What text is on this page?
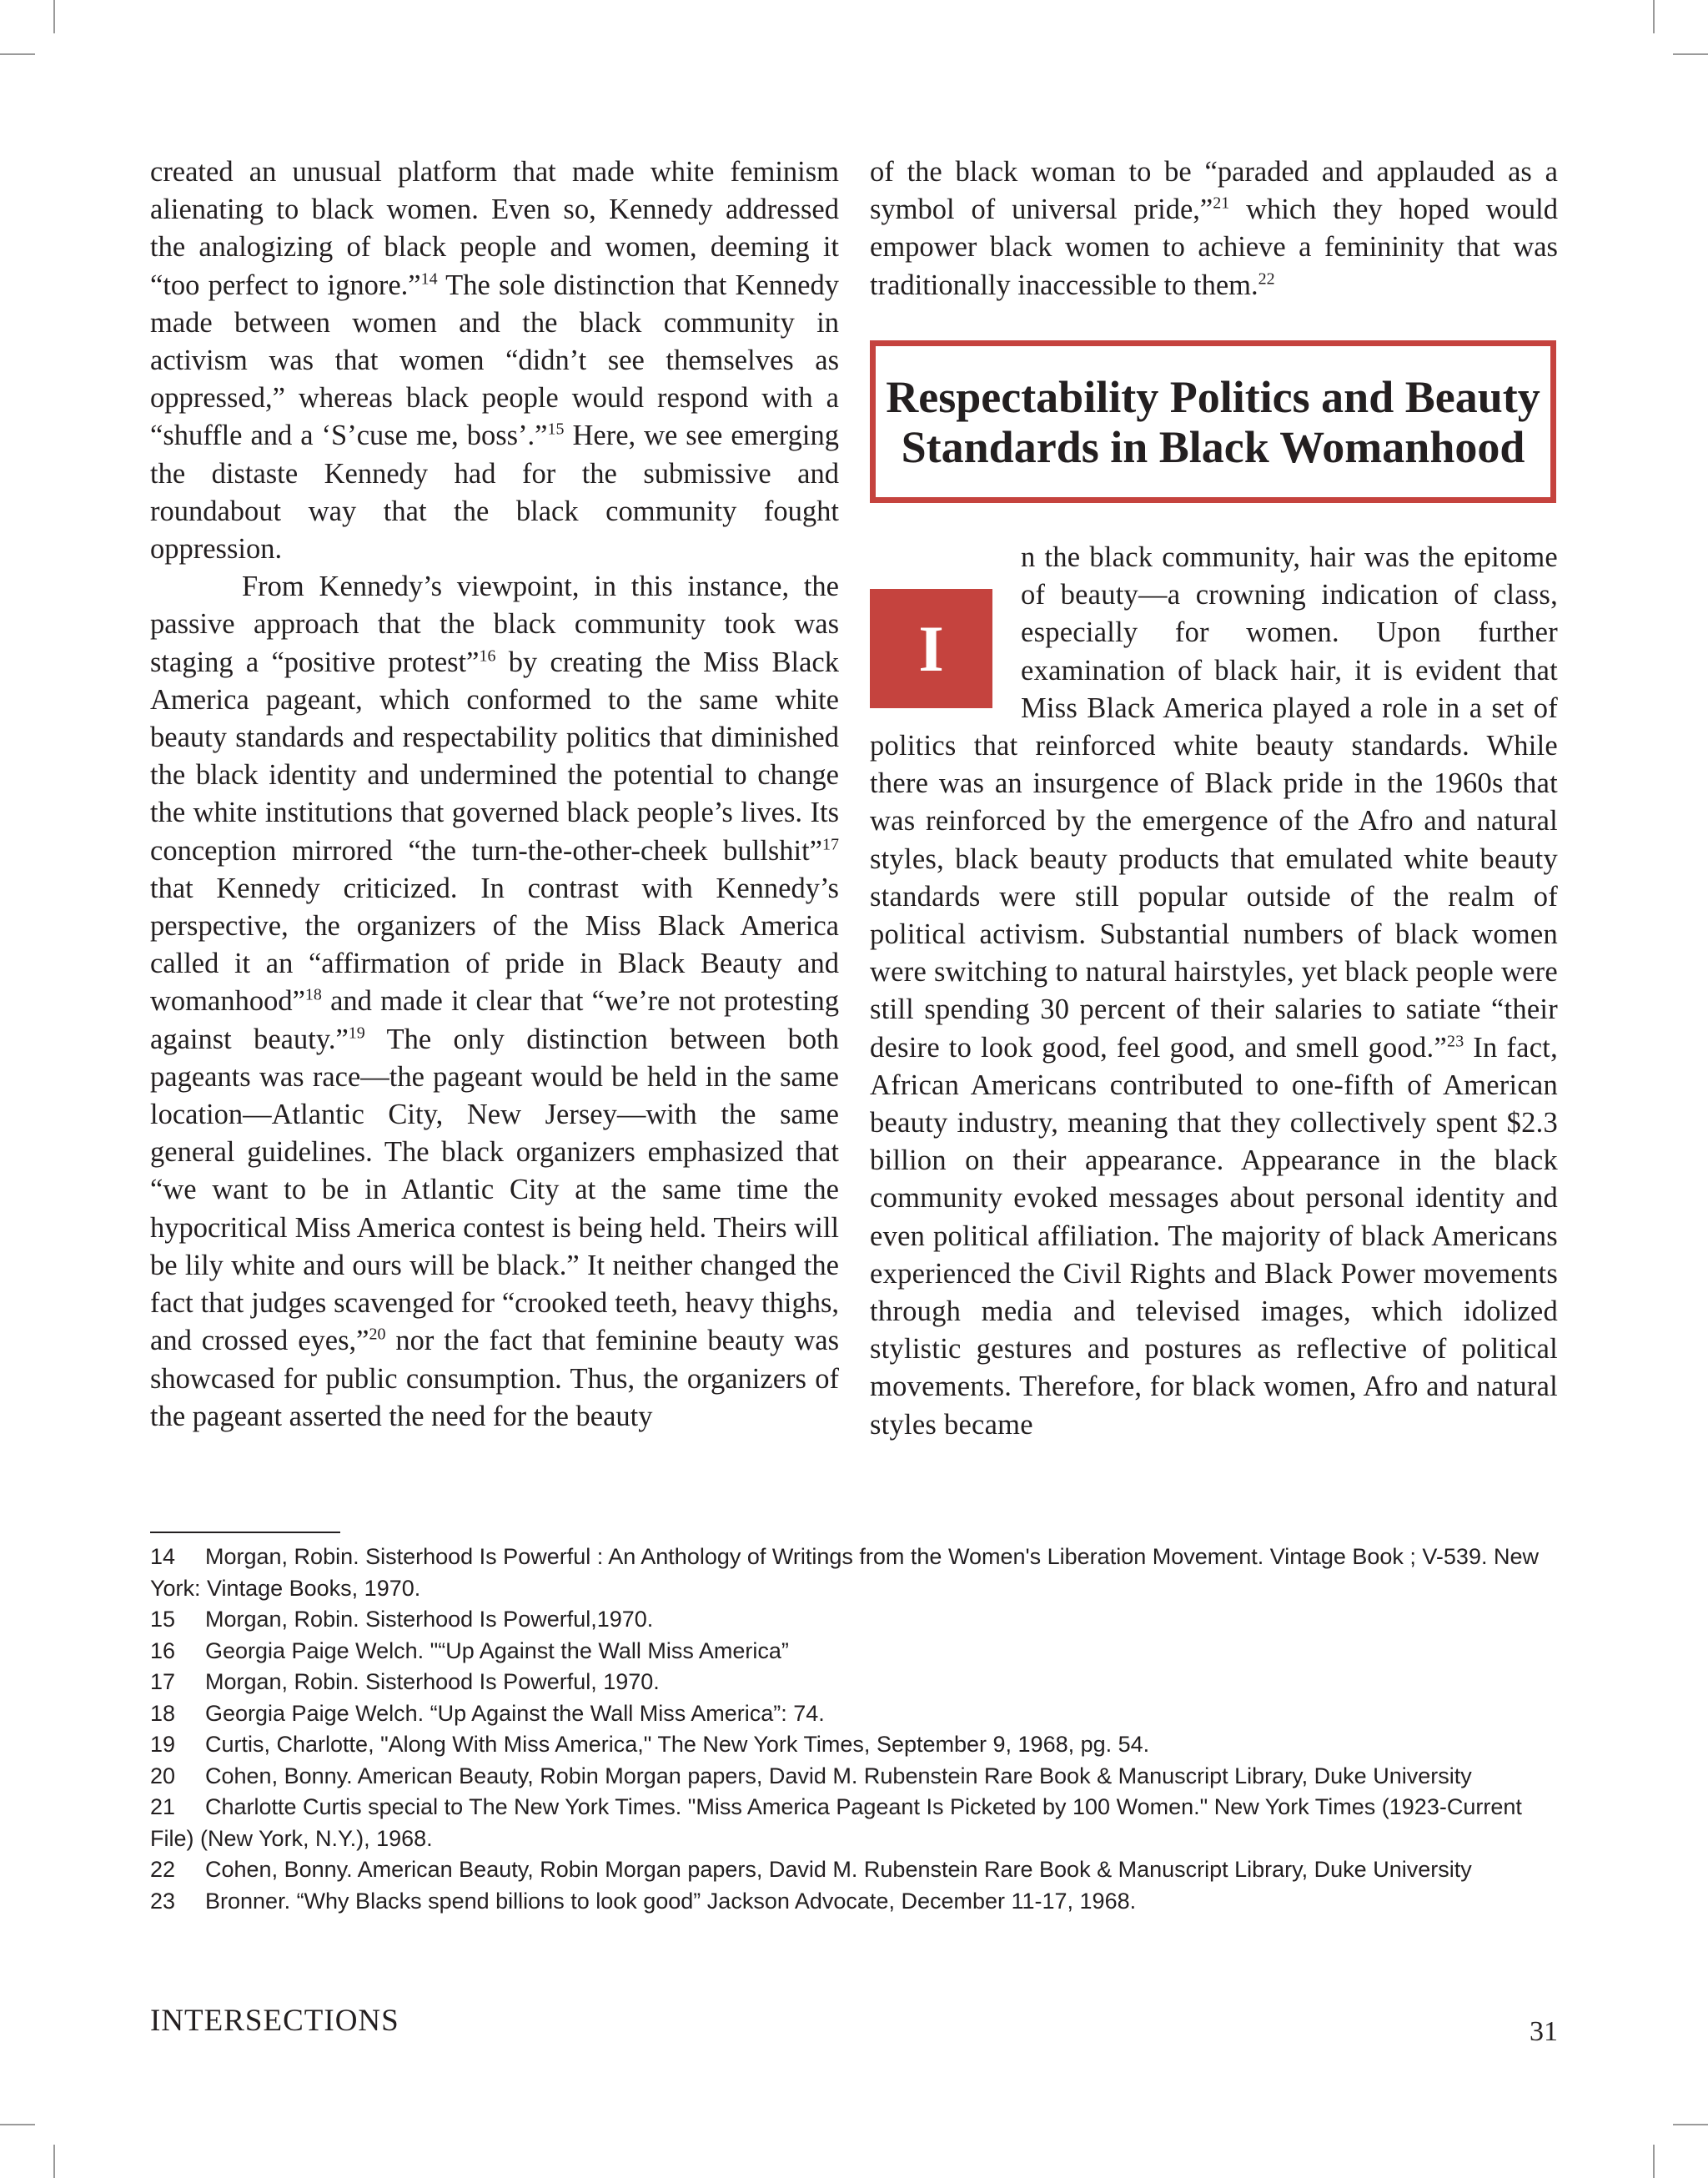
created an unusual platform that made white feminism alienating to black women. Even so, Kennedy addressed the analogizing of black people and women, deeming it “too perfect to ignore.”$^{14}$ The sole distinction that Kennedy made between women and the black community in activism was that women “didn’t see themselves as oppressed,” whereas black people would respond with a “shuffle and a ‘S’cuse me, boss’.”$^{15}$ Here, we see emerging the distaste Kennedy had for the submissive and roundabout way that the black community fought oppression.

From Kennedy’s viewpoint, in this instance, the passive approach that the black community took was staging a “positive protest”$^{16}$ by creating the Miss Black America pageant, which conformed to the same white beauty standards and respectability politics that diminished the black identity and undermined the potential to change the white institutions that governed black people’s lives. Its conception mirrored “the turn-the-other-cheek bullshit”$^{17}$ that Kennedy criticized. In contrast with Kennedy’s perspective, the organizers of the Miss Black America called it an “affirmation of pride in Black Beauty and womanhood”$^{18}$ and made it clear that “we’re not protesting against beauty.”$^{19}$ The only distinction between both pageants was race—the pageant would be held in the same location—Atlantic City, New Jersey—with the same general guidelines. The black organizers emphasized that “we want to be in Atlantic City at the same time the hypocritical Miss America contest is being held. Theirs will be lily white and ours will be black.” It neither changed the fact that judges scavenged for “crooked teeth, heavy thighs, and crossed eyes,”$^{20}$ nor the fact that feminine beauty was showcased for public consumption. Thus, the organizers of the pageant asserted the need for the beauty

of the black woman to be “paraded and applauded as a symbol of universal pride,”$^{21}$ which they hoped would empower black women to achieve a femininity that was traditionally inaccessible to them.$^{22}$

Respectability Politics and Beauty Standards in Black Womanhood
I

n the black community, hair was the epitome of beauty—a crowning indication of class, especially for women. Upon further examination of black hair, it is evident that Miss Black America played a role in a set of politics that reinforced white beauty standards. While there was an insurgence of Black pride in the 1960s that was reinforced by the emergence of the Afro and natural styles, black beauty products that emulated white beauty standards were still popular outside of the realm of political activism. Substantial numbers of black women were switching to natural hairstyles, yet black people were still spending 30 percent of their salaries to satiate “their desire to look good, feel good, and smell good.”$^{23}$ In fact, African Americans contributed to one-fifth of American beauty industry, meaning that they collectively spent $2.3 billion on their appearance. Appearance in the black community evoked messages about personal identity and even political affiliation. The majority of black Americans experienced the Civil Rights and Black Power movements through media and televised images, which idolized stylistic gestures and postures as reflective of political movements. Therefore, for black women, Afro and natural styles became

14 Morgan, Robin. Sisterhood Is Powerful : An Anthology of Writings from the Women's Liberation Movement. Vintage Book ; V-539. New York: Vintage Books, 1970.

15 Morgan, Robin. Sisterhood Is Powerful,1970.

16 Georgia Paige Welch. "“Up Against the Wall Miss America”

17 Morgan, Robin. Sisterhood Is Powerful, 1970.

18 Georgia Paige Welch. “Up Against the Wall Miss America”: 74.

19 Curtis, Charlotte, "Along With Miss America," The New York Times, September 9, 1968, pg. 54.

20 Cohen, Bonny. American Beauty, Robin Morgan papers, David M. Rubenstein Rare Book & Manuscript Library, Duke University

21 Charlotte Curtis special to The New York Times. "Miss America Pageant Is Picketed by 100 Women." New York Times (1923-Current File) (New York, N.Y.), 1968.

22 Cohen, Bonny. American Beauty, Robin Morgan papers, David M. Rubenstein Rare Book & Manuscript Library, Duke University

23 Bronner. “Why Blacks spend billions to look good” Jackson Advocate, December 11-17, 1968.

INTERSECTIONS	31
